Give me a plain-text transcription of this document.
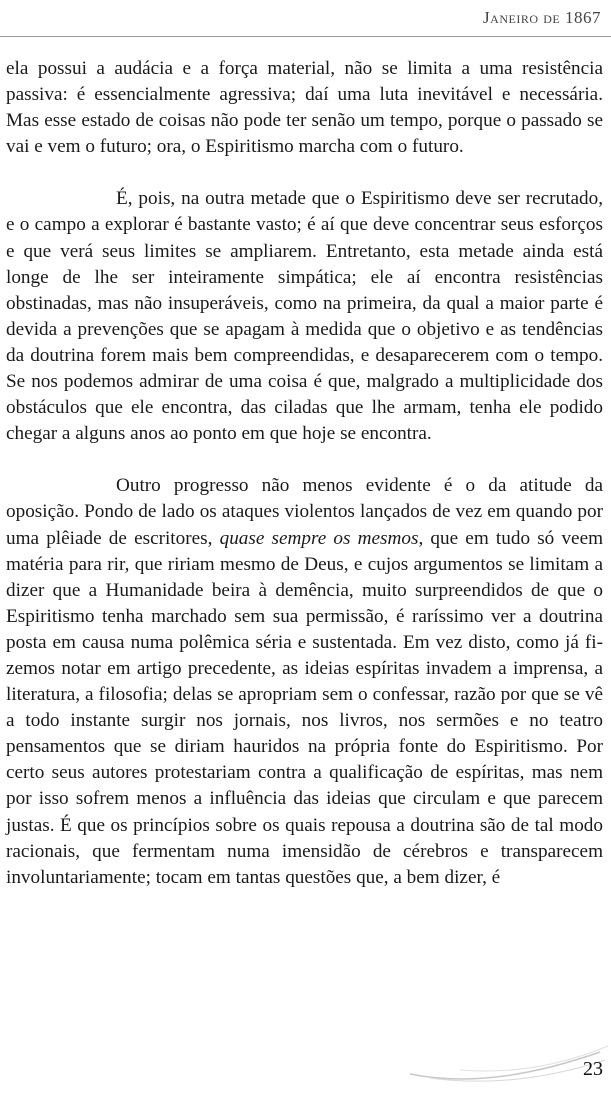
Janeiro de 1867

ela possui a audácia e a força material, não se limita a uma resistência passiva: é essencialmente agressiva; daí uma luta inevitável e necessária. Mas esse estado de coisas não pode ter senão um tempo, porque o passado se vai e vem o futuro; ora, o Espiritismo marcha com o futuro.

É, pois, na outra metade que o Espiritismo deve ser recrutado, e o campo a explorar é bastante vasto; é aí que deve concentrar seus esforços e que verá seus limites se ampliarem. Entretanto, esta metade ainda está longe de lhe ser inteiramente simpática; ele aí encontra resistências obstinadas, mas não insuperáveis, como na primeira, da qual a maior parte é devida a prevenções que se apagam à medida que o objetivo e as tendências da doutrina forem mais bem compreendidas, e desaparecerem com o tempo. Se nos podemos admirar de uma coisa é que, malgrado a multiplicidade dos obstáculos que ele encontra, das ciladas que lhe armam, tenha ele podido chegar a alguns anos ao ponto em que hoje se encontra.

Outro progresso não menos evidente é o da atitude da oposição. Pondo de lado os ataques violentos lançados de vez em quando por uma plêiade de escritores, quase sempre os mesmos, que em tudo só veem matéria para rir, que ririam mesmo de Deus, e cujos argumentos se limitam a dizer que a Humanidade beira à demência, muito surpreendidos de que o Espiritismo tenha marchado sem sua permissão, é raríssimo ver a doutrina posta em causa numa polêmica séria e sustentada. Em vez disto, como já fizemos notar em artigo precedente, as ideias espíritas invadem a imprensa, a literatura, a filosofia; delas se apropriam sem o confessar, razão por que se vê a todo instante surgir nos jornais, nos livros, nos sermões e no teatro pensamentos que se diriam hauridos na própria fonte do Espiritismo. Por certo seus autores protestariam contra a qualificação de espíritas, mas nem por isso sofrem menos a influência das ideias que circulam e que parecem justas. É que os princípios sobre os quais repousa a doutrina são de tal modo racionais, que fermentam numa imensidão de cérebros e transparecem involuntariamente; tocam em tantas questões que, a bem dizer, é

23
